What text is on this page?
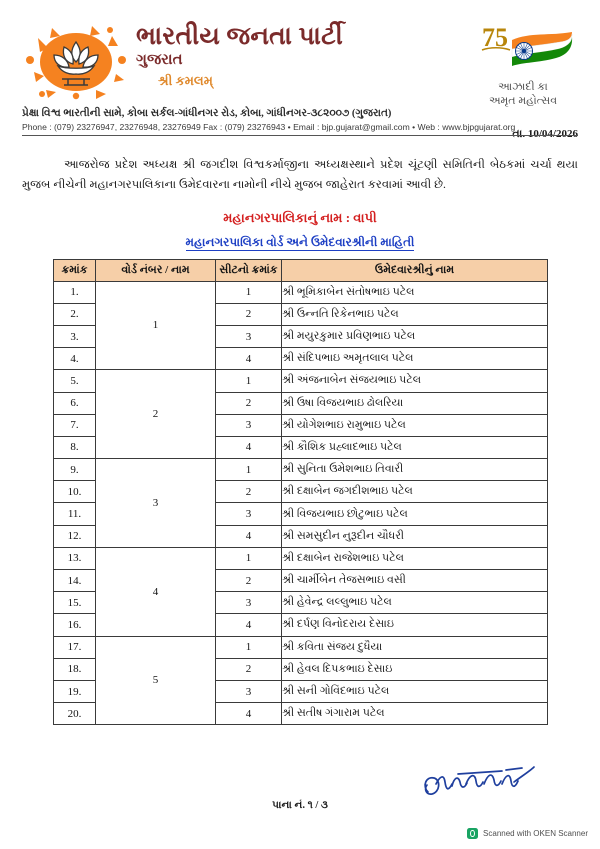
ભારતીય જનતા પાર્ટી
ગુજરાત
શ્રી કમલમ્
7 5
આઝાદી કા
અમૃત મહોત્સવ
પ્રેક્ષા વિશ્વ ભારતીની સામે, કોબા સર્કલ-ગાંધીનગર રોડ, કોબા, ગાંધીનગર-૩૮૨૦૦૭ (ગુજરાત)
Phone : (079) 23276947, 23276948, 23276949 Fax : (079) 23276943 • Email : bjp.gujarat@gmail.com • Web : www.bjpgujarat.org
તા. 10/04/2026
આજરોજ પ્રદેશ અધ્યક્ષ શ્રી જગદીશ વિશ્વકર્માજીના અધ્યક્ષસ્થાને પ્રદેશ ચૂંટણી સમિતિની બેઠકમાં ચર્ચા થયા મુજબ નીચેની મહાનગરપાલિકાના ઉમેદવારના નામોની નીચે મુજબ જાહેરાત કરવામાં આવી છે.
મહાનગરપાલિકાનું નામ : વાપી
મહાનગરપાલિકા વોર્ડ અને ઉમેદવારશ્રીની માહિતી
ક્રમાંક	વોર્ડ નંબર / નામ	સીટનો ક્રમાંક	ઉમેદવારશ્રીનું નામ
1.	1	1	શ્રી ભૂમિકાબેન સંતોષભાઇ પટેલ
2.		2	શ્રી ઉન્નતિ રિકેનભાઇ પટેલ
3.		3	શ્રી મયુરકુમાર પ્રવિણભાઇ પટેલ
4.		4	શ્રી સંદિપભાઇ અમૃતલાલ પટેલ
5.	2	1	શ્રી અંજનાબેન સંજયભાઇ પટેલ
6.		2	શ્રી ઉષા વિજયભાઇ ઢોલરિયા
7.		3	શ્રી યોગેશભાઇ રામુભાઇ પટેલ
8.		4	શ્રી કૌશિક પ્રહ્લાદભાઇ પટેલ
9.	3	1	શ્રી સુનિતા ઉમેશભાઇ તિવારી
10.		2	શ્રી દક્ષાબેન જગદીશભાઇ પટેલ
11.		3	શ્રી વિજયભાઇ છોટુભાઇ પટેલ
12.		4	શ્રી સમસુદીન નુરૂદીન ચૌધરી
13.	4	1	શ્રી દક્ષાબેન રાજેશભાઇ પટેલ
14.		2	શ્રી ચાર્મીબેન તેજસભાઇ વસી
15.		3	શ્રી હેવેન્દ્ર લલ્લુભાઇ પટેલ
16.		4	શ્રી દર્પણ વિનોદરાય દેસાઇ
17.	5	1	શ્રી કવિતા સંજય દુધૈયા
18.		2	શ્રી હેવલ દિપકભાઇ દેસાઇ
19.		3	શ્રી સની ગોવિંદભાઇ પટેલ
20.		4	શ્રી સતીષ ગંગારામ પટેલ
પાના નં. ૧ / ૩
Scanned with OKEN Scanner
